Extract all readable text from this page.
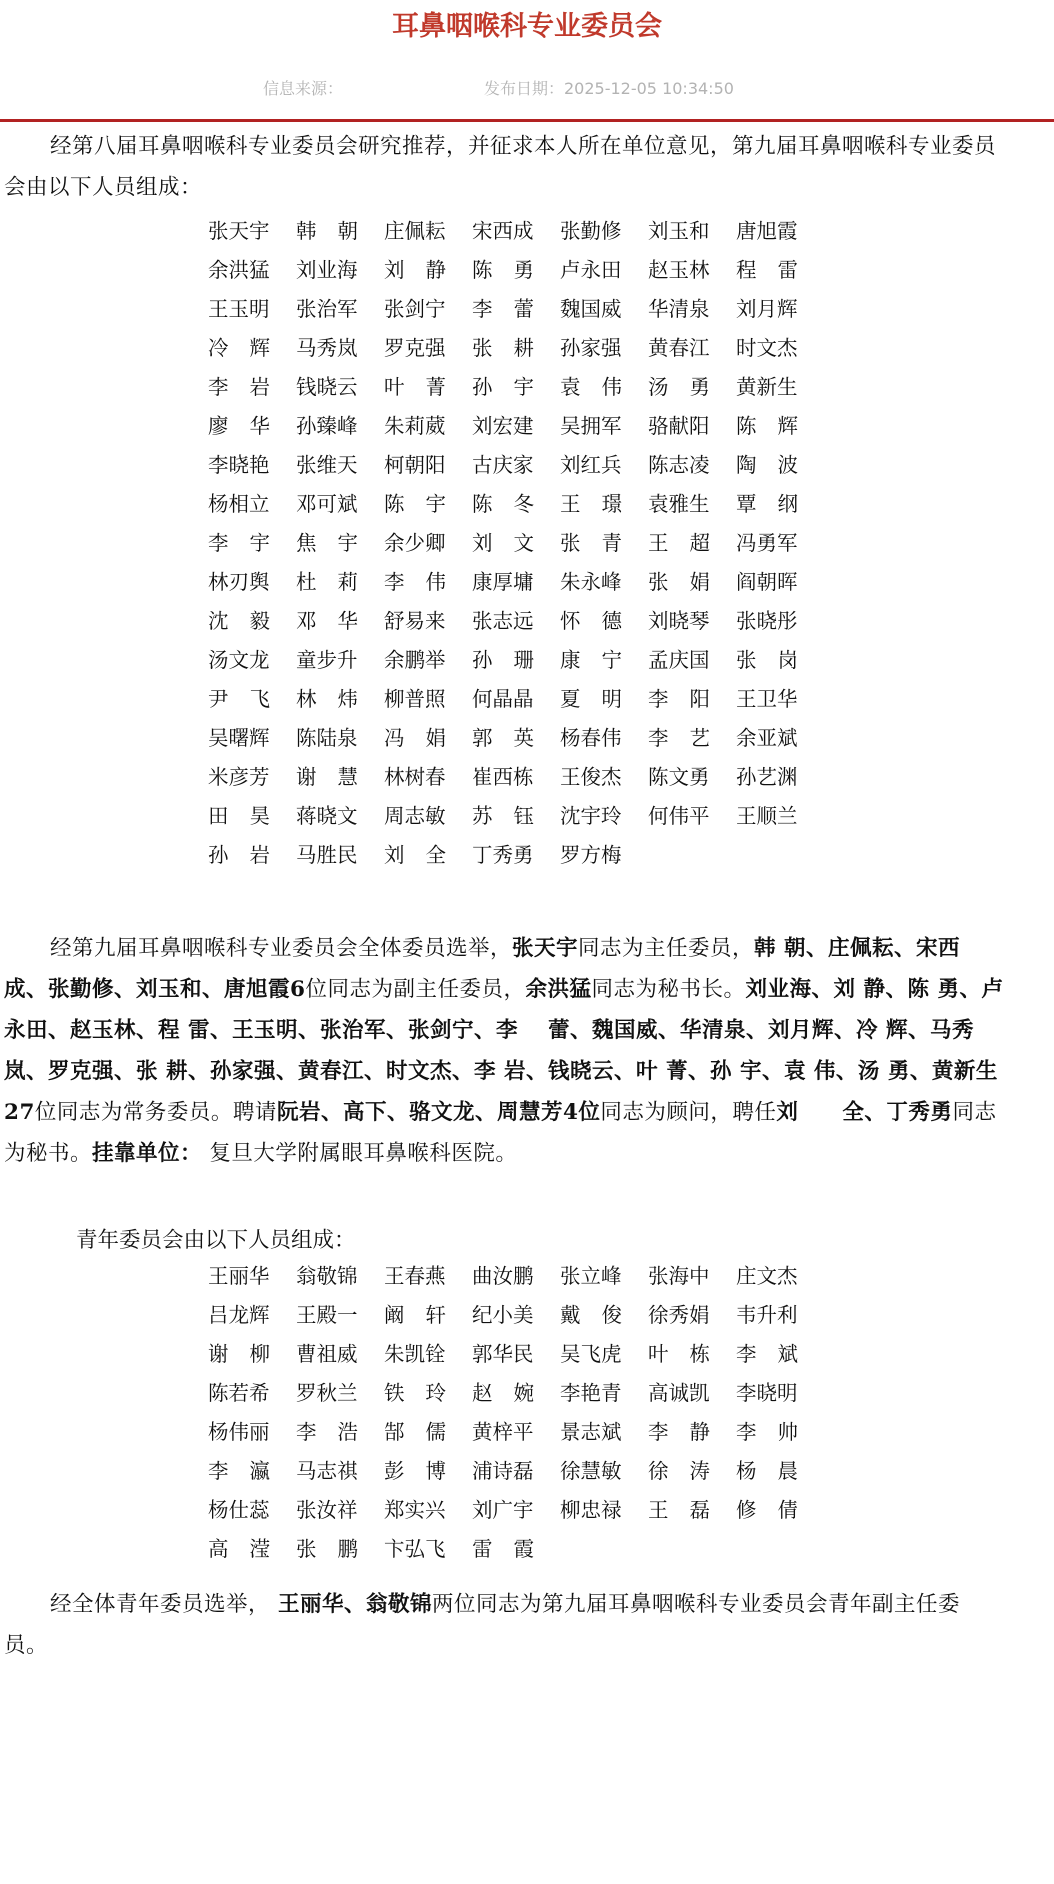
耳鼻咽喉科专业委员会
信息来源：	发布日期：2025-12-05 10:34:50

经第八届耳鼻咽喉科专业委员会研究推荐，并征求本人所在单位意见，第九届耳鼻咽喉科专业委员会由以下人员组成：

张天宇	韩朝 庄佩耘	宋西成	张勤修	刘玉和	唐旭霞
余洪猛	刘业海	刘静 陈勇 卢永田	赵玉林	程雷
王玉明	张治军	张剑宁	李蕾 魏国威	华清泉	刘月辉
冷辉 马秀岚	罗克强	张耕 孙家强	黄春江	时文杰
李岩 钱晓云	叶菁 孙宇 袁伟 汤勇 黄新生
廖华 孙臻峰	朱莉葳	刘宏建	吴拥军	骆献阳	陈辉
李晓艳	张维天	柯朝阳	古庆家	刘红兵	陈志凌	陶波
杨相立	邓可斌	陈宇 陈冬 王璟 袁雅生	覃纲
李宇 焦宇 余少卿	刘文 张青 王超 冯勇军
林刃舆	杜莉 李伟 康厚墉	朱永峰	张娟 阎朝晖
沈毅 邓华 舒易来	张志远	怀德 刘晓琴	张晓彤
汤文龙	童步升	余鹏举	孙珊 康宁 孟庆国	张岗
尹飞 林炜 柳普照	何晶晶	夏明 李阳 王卫华
吴曙辉	陈陆泉	冯娟 郭英 杨春伟	李艺 余亚斌
米彦芳	谢慧 林树春	崔西栋	王俊杰	陈文勇	孙艺渊
田昊 蒋晓文	周志敏	苏钰 沈宇玲	何伟平	王顺兰
孙岩 马胜民	刘全 丁秀勇	罗方梅

经第九届耳鼻咽喉科专业委员会全体委员选举，张天宇同志为主任委员，韩 朝、庄佩耘、宋西成、张勤修、刘玉和、唐旭霞6位同志为副主任委员，余洪猛同志为秘书长。刘业海、刘 静、陈 勇、卢永田、赵玉林、程 雷、王玉明、张治军、张剑宁、李　 蕾、魏国威、华清泉、刘月辉、冷 辉、马秀岚、罗克强、张 耕、孙家强、黄春江、时文杰、李 岩、钱晓云、叶 菁、孙 宇、袁 伟、汤 勇、黄新生27位同志为常务委员。聘请阮岩、高下、骆文龙、周慧芳4位同志为顾问，聘任刘　　全、丁秀勇同志为秘书。挂靠单位： 复旦大学附属眼耳鼻喉科医院。

青年委员会由以下人员组成：
王丽华	翁敬锦	王春燕	曲汝鹏	张立峰	张海中	庄文杰
吕龙辉	王殿一	阚轩 纪小美	戴俊 徐秀娟	韦升利
谢柳 曹祖威	朱凯铨	郭华民	吴飞虎	叶栋 李斌
陈若希	罗秋兰	铁玲 赵婉 李艳青	高诚凯	李晓明
杨伟丽	李浩 郜儒 黄梓平	景志斌	李静 李帅
李瀛 马志祺	彭博 浦诗磊	徐慧敏	徐涛 杨晨
杨仕蕊	张汝祥	郑实兴	刘广宇	柳忠禄	王磊 修倩
高滢 张鹏 卞弘飞	雷霞

经全体青年委员选举， 王丽华、翁敬锦两位同志为第九届耳鼻咽喉科专业委员会青年副主任委员。
